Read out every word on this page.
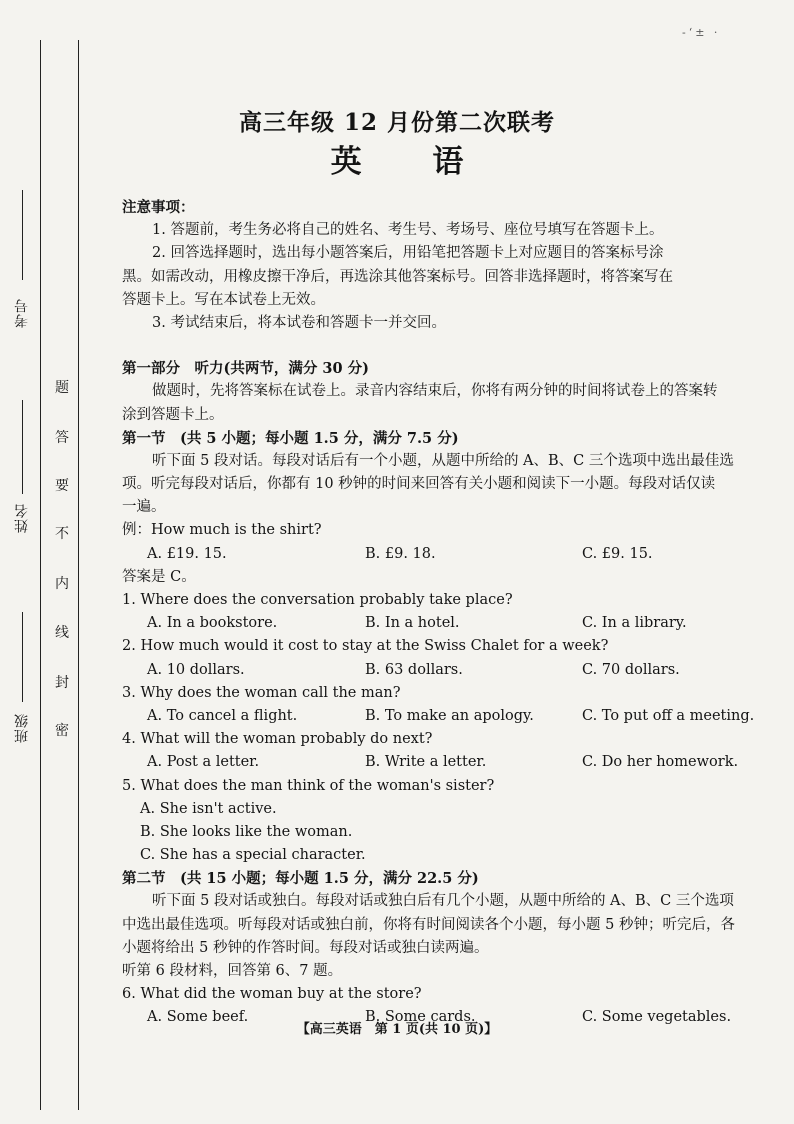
考号
姓名
班级
题
答
要
不
内
线
封
密
-‘± ·
高三年级 12 月份第二次联考
英 语
注意事项：
1. 答题前，考生务必将自己的姓名、考生号、考场号、座位号填写在答题卡上。
2. 回答选择题时，选出每小题答案后，用铅笔把答题卡上对应题目的答案标号涂
黑。如需改动，用橡皮擦干净后，再选涂其他答案标号。回答非选择题时，将答案写在
答题卡上。写在本试卷上无效。
3. 考试结束后，将本试卷和答题卡一并交回。
第一部分　听力(共两节，满分 30 分)
做题时，先将答案标在试卷上。录音内容结束后，你将有两分钟的时间将试卷上的答案转
涂到答题卡上。
第一节　(共 5 小题；每小题 1.5 分，满分 7.5 分)
听下面 5 段对话。每段对话后有一个小题，从题中所给的 A、B、C 三个选项中选出最佳选
项。听完每段对话后，你都有 10 秒钟的时间来回答有关小题和阅读下一小题。每段对话仅读
一遍。
例：How much is the shirt?
A. £19. 15.	B. £9. 18.	C. £9. 15.
答案是 C。
1. Where does the conversation probably take place?
A. In a bookstore.	B. In a hotel.	C. In a library.
2. How much would it cost to stay at the Swiss Chalet for a week?
A. 10 dollars.	B. 63 dollars.	C. 70 dollars.
3. Why does the woman call the man?
A. To cancel a flight.	B. To make an apology.	C. To put off a meeting.
4. What will the woman probably do next?
A. Post a letter.	B. Write a letter.	C. Do her homework.
5. What does the man think of the woman's sister?
A. She isn't active.
B. She looks like the woman.
C. She has a special character.
第二节　(共 15 小题；每小题 1.5 分，满分 22.5 分)
听下面 5 段对话或独白。每段对话或独白后有几个小题，从题中所给的 A、B、C 三个选项
中选出最佳选项。听每段对话或独白前，你将有时间阅读各个小题，每小题 5 秒钟；听完后，各
小题将给出 5 秒钟的作答时间。每段对话或独白读两遍。
听第 6 段材料，回答第 6、7 题。
6. What did the woman buy at the store?
A. Some beef.	B. Some cards.	C. Some vegetables.
【高三英语　第 1 页(共 10 页)】
